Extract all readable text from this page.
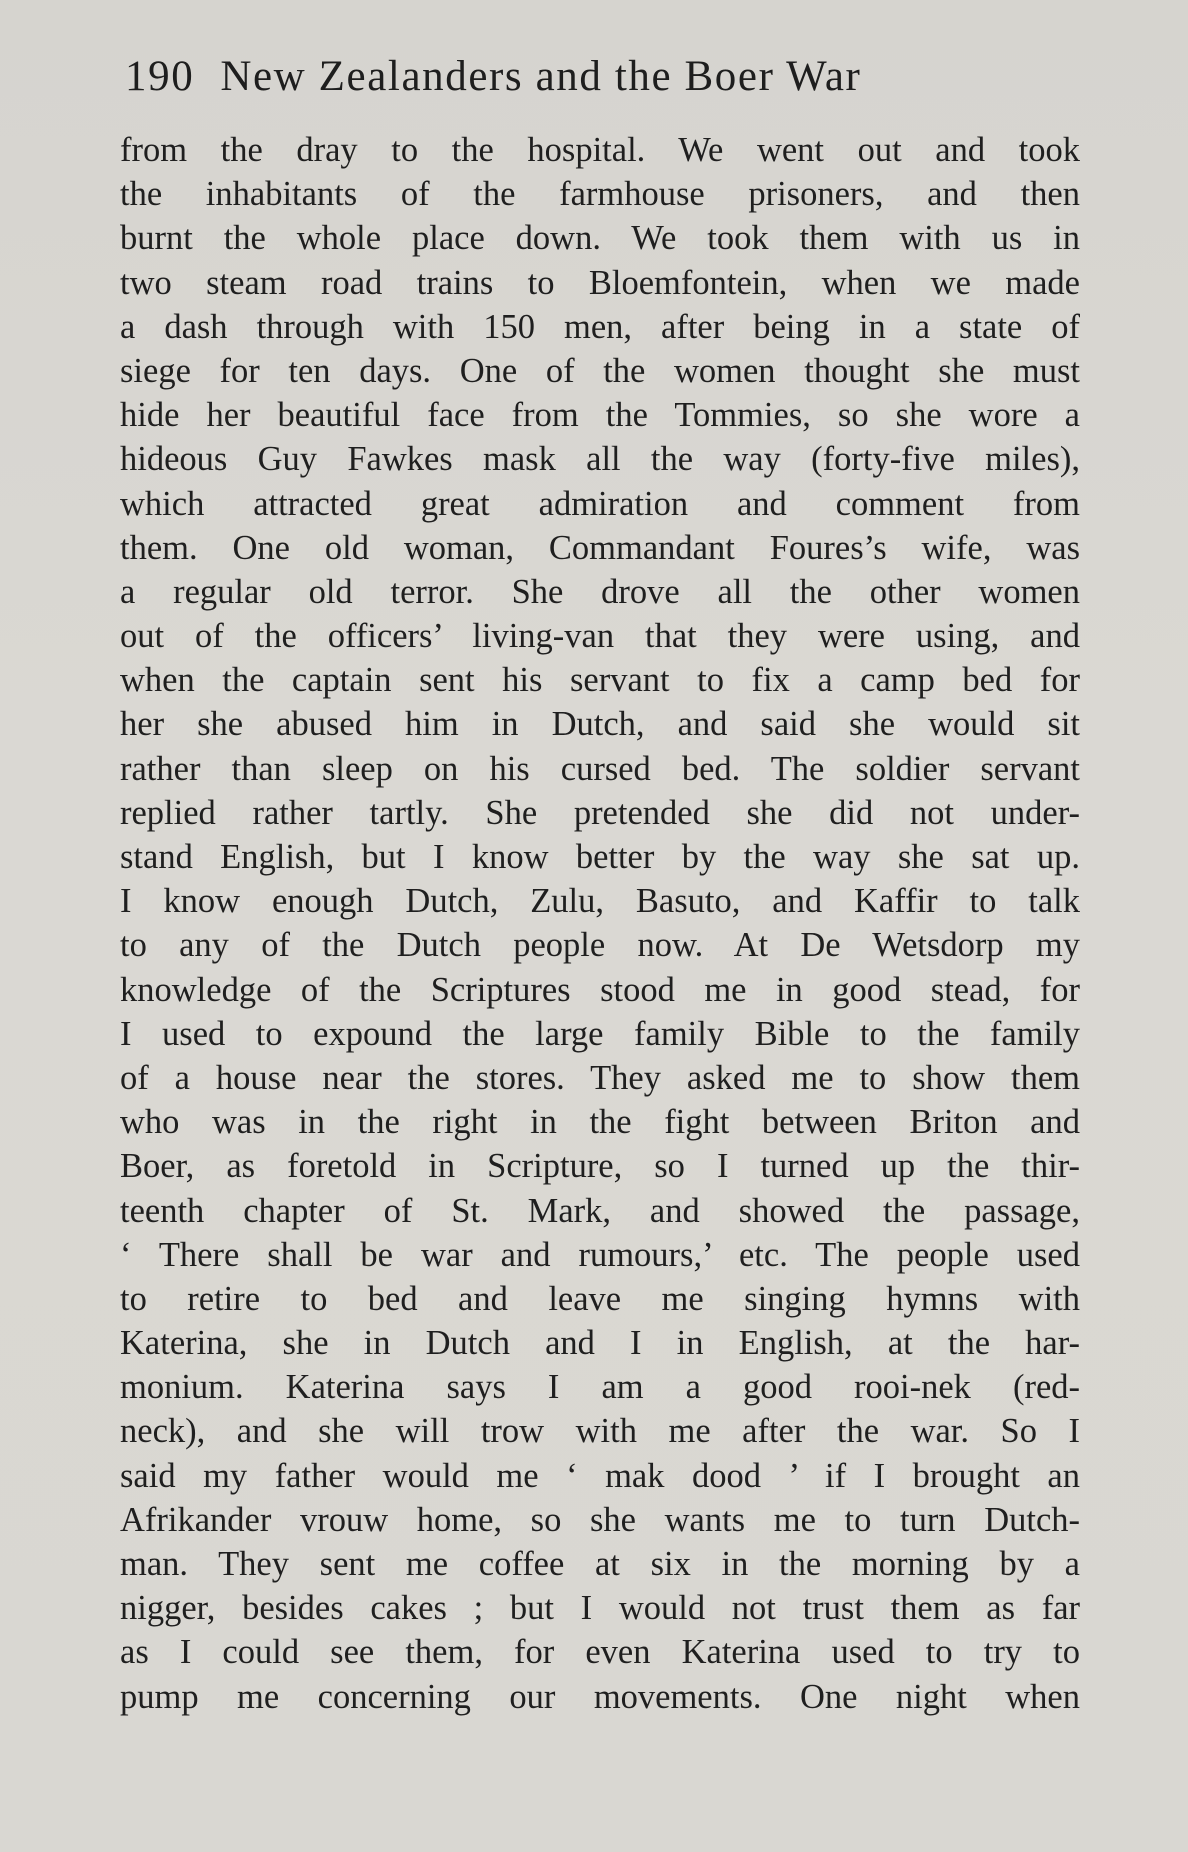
190 New Zealanders and the Boer War
from the dray to the hospital. We went out and took
the inhabitants of the farmhouse prisoners, and then
burnt the whole place down. We took them with us in
two steam road trains to Bloemfontein, when we made
a dash through with 150 men, after being in a state of
siege for ten days. One of the women thought she must
hide her beautiful face from the Tommies, so she wore a
hideous Guy Fawkes mask all the way (forty-five miles),
which attracted great admiration and comment from
them. One old woman, Commandant Foures’s wife, was
a regular old terror. She drove all the other women
out of the officers’ living-van that they were using, and
when the captain sent his servant to fix a camp bed for
her she abused him in Dutch, and said she would sit
rather than sleep on his cursed bed. The soldier servant
replied rather tartly. She pretended she did not under-
stand English, but I know better by the way she sat up.
I know enough Dutch, Zulu, Basuto, and Kaffir to talk
to any of the Dutch people now. At De Wetsdorp my
knowledge of the Scriptures stood me in good stead, for
I used to expound the large family Bible to the family
of a house near the stores. They asked me to show them
who was in the right in the fight between Briton and
Boer, as foretold in Scripture, so I turned up the thir-
teenth chapter of St. Mark, and showed the passage,
‘ There shall be war and rumours,’ etc. The people used
to retire to bed and leave me singing hymns with
Katerina, she in Dutch and I in English, at the har-
monium. Katerina says I am a good rooi-nek (red-
neck), and she will trow with me after the war. So I
said my father would me ‘ mak dood ’ if I brought an
Afrikander vrouw home, so she wants me to turn Dutch-
man. They sent me coffee at six in the morning by a
nigger, besides cakes ; but I would not trust them as far
as I could see them, for even Katerina used to try to
pump me concerning our movements. One night when
